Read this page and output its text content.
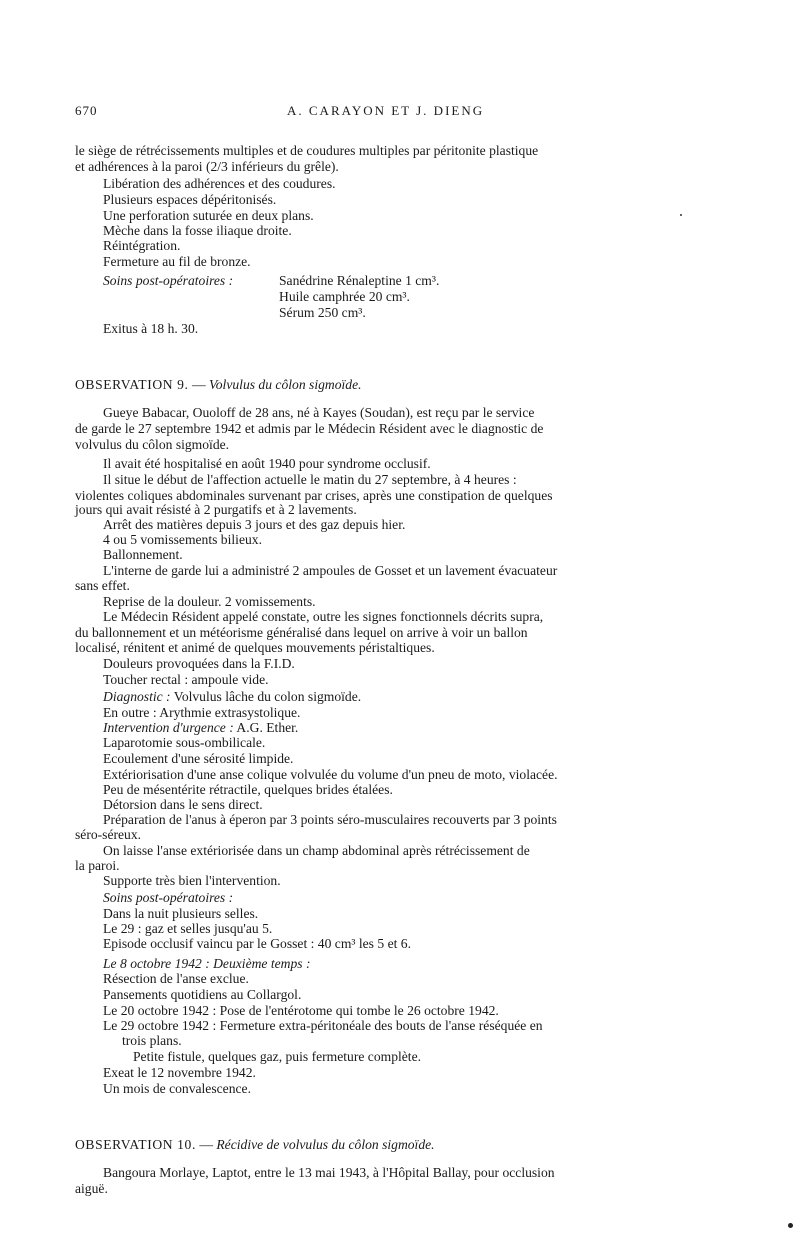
670	A. CARAYON ET J. DIENG
le siège de rétrécissements multiples et de coudures multiples par péritonite plastique
et adhérences à la paroi (2/3 inférieurs du grêle).
Libération des adhérences et des coudures.
Plusieurs espaces dépéritonisés.
Une perforation suturée en deux plans.
Mèche dans la fosse iliaque droite.
Réintégration.
Fermeture au fil de bronze.
Soins post-opératoires :	Sanédrine Rénaleptine 1 cm³.
Huile camphrée 20 cm³.
Sérum 250 cm³.
Exitus à 18 h. 30.
OBSERVATION 9. — Volvulus du côlon sigmoïde.
Gueye Babacar, Ouoloff de 28 ans, né à Kayes (Soudan), est reçu par le service
de garde le 27 septembre 1942 et admis par le Médecin Résident avec le diagnostic de
volvulus du côlon sigmoïde.
Il avait été hospitalisé en août 1940 pour syndrome occlusif.
Il situe le début de l'affection actuelle le matin du 27 septembre, à 4 heures :
violentes coliques abdominales survenant par crises, après une constipation de quelques
jours qui avait résisté à 2 purgatifs et à 2 lavements.
Arrêt des matières depuis 3 jours et des gaz depuis hier.
4 ou 5 vomissements bilieux.
Ballonnement.
L'interne de garde lui a administré 2 ampoules de Gosset et un lavement évacuateur
sans effet.
Reprise de la douleur. 2 vomissements.
Le Médecin Résident appelé constate, outre les signes fonctionnels décrits supra,
du ballonnement et un météorisme généralisé dans lequel on arrive à voir un ballon
localisé, rénitent et animé de quelques mouvements péristaltiques.
Douleurs provoquées dans la F.I.D.
Toucher rectal : ampoule vide.
Diagnostic : Volvulus lâche du colon sigmoïde.
En outre : Arythmie extrasystolique.
Intervention d'urgence : A.G. Ether.
Laparotomie sous-ombilicale.
Ecoulement d'une sérosité limpide.
Extériorisation d'une anse colique volvulée du volume d'un pneu de moto, violacée.
Peu de mésentérite rétractile, quelques brides étalées.
Détorsion dans le sens direct.
Préparation de l'anus à éperon par 3 points séro-musculaires recouverts par 3 points
séro-séreux.
On laisse l'anse extériorisée dans un champ abdominal après rétrécissement de
la paroi.
Supporte très bien l'intervention.
Soins post-opératoires :
Dans la nuit plusieurs selles.
Le 29 : gaz et selles jusqu'au 5.
Episode occlusif vaincu par le Gosset : 40 cm³ les 5 et 6.
Le 8 octobre 1942 : Deuxième temps :
Résection de l'anse exclue.
Pansements quotidiens au Collargol.
Le 20 octobre 1942 : Pose de l'entérotome qui tombe le 26 octobre 1942.
Le 29 octobre 1942 : Fermeture extra-péritonéale des bouts de l'anse réséquée en
trois plans.
Petite fistule, quelques gaz, puis fermeture complète.
Exeat le 12 novembre 1942.
Un mois de convalescence.
OBSERVATION 10. — Récidive de volvulus du côlon sigmoïde.
Bangoura Morlaye, Laptot, entre le 13 mai 1943, à l'Hôpital Ballay, pour occlusion
aiguë.
